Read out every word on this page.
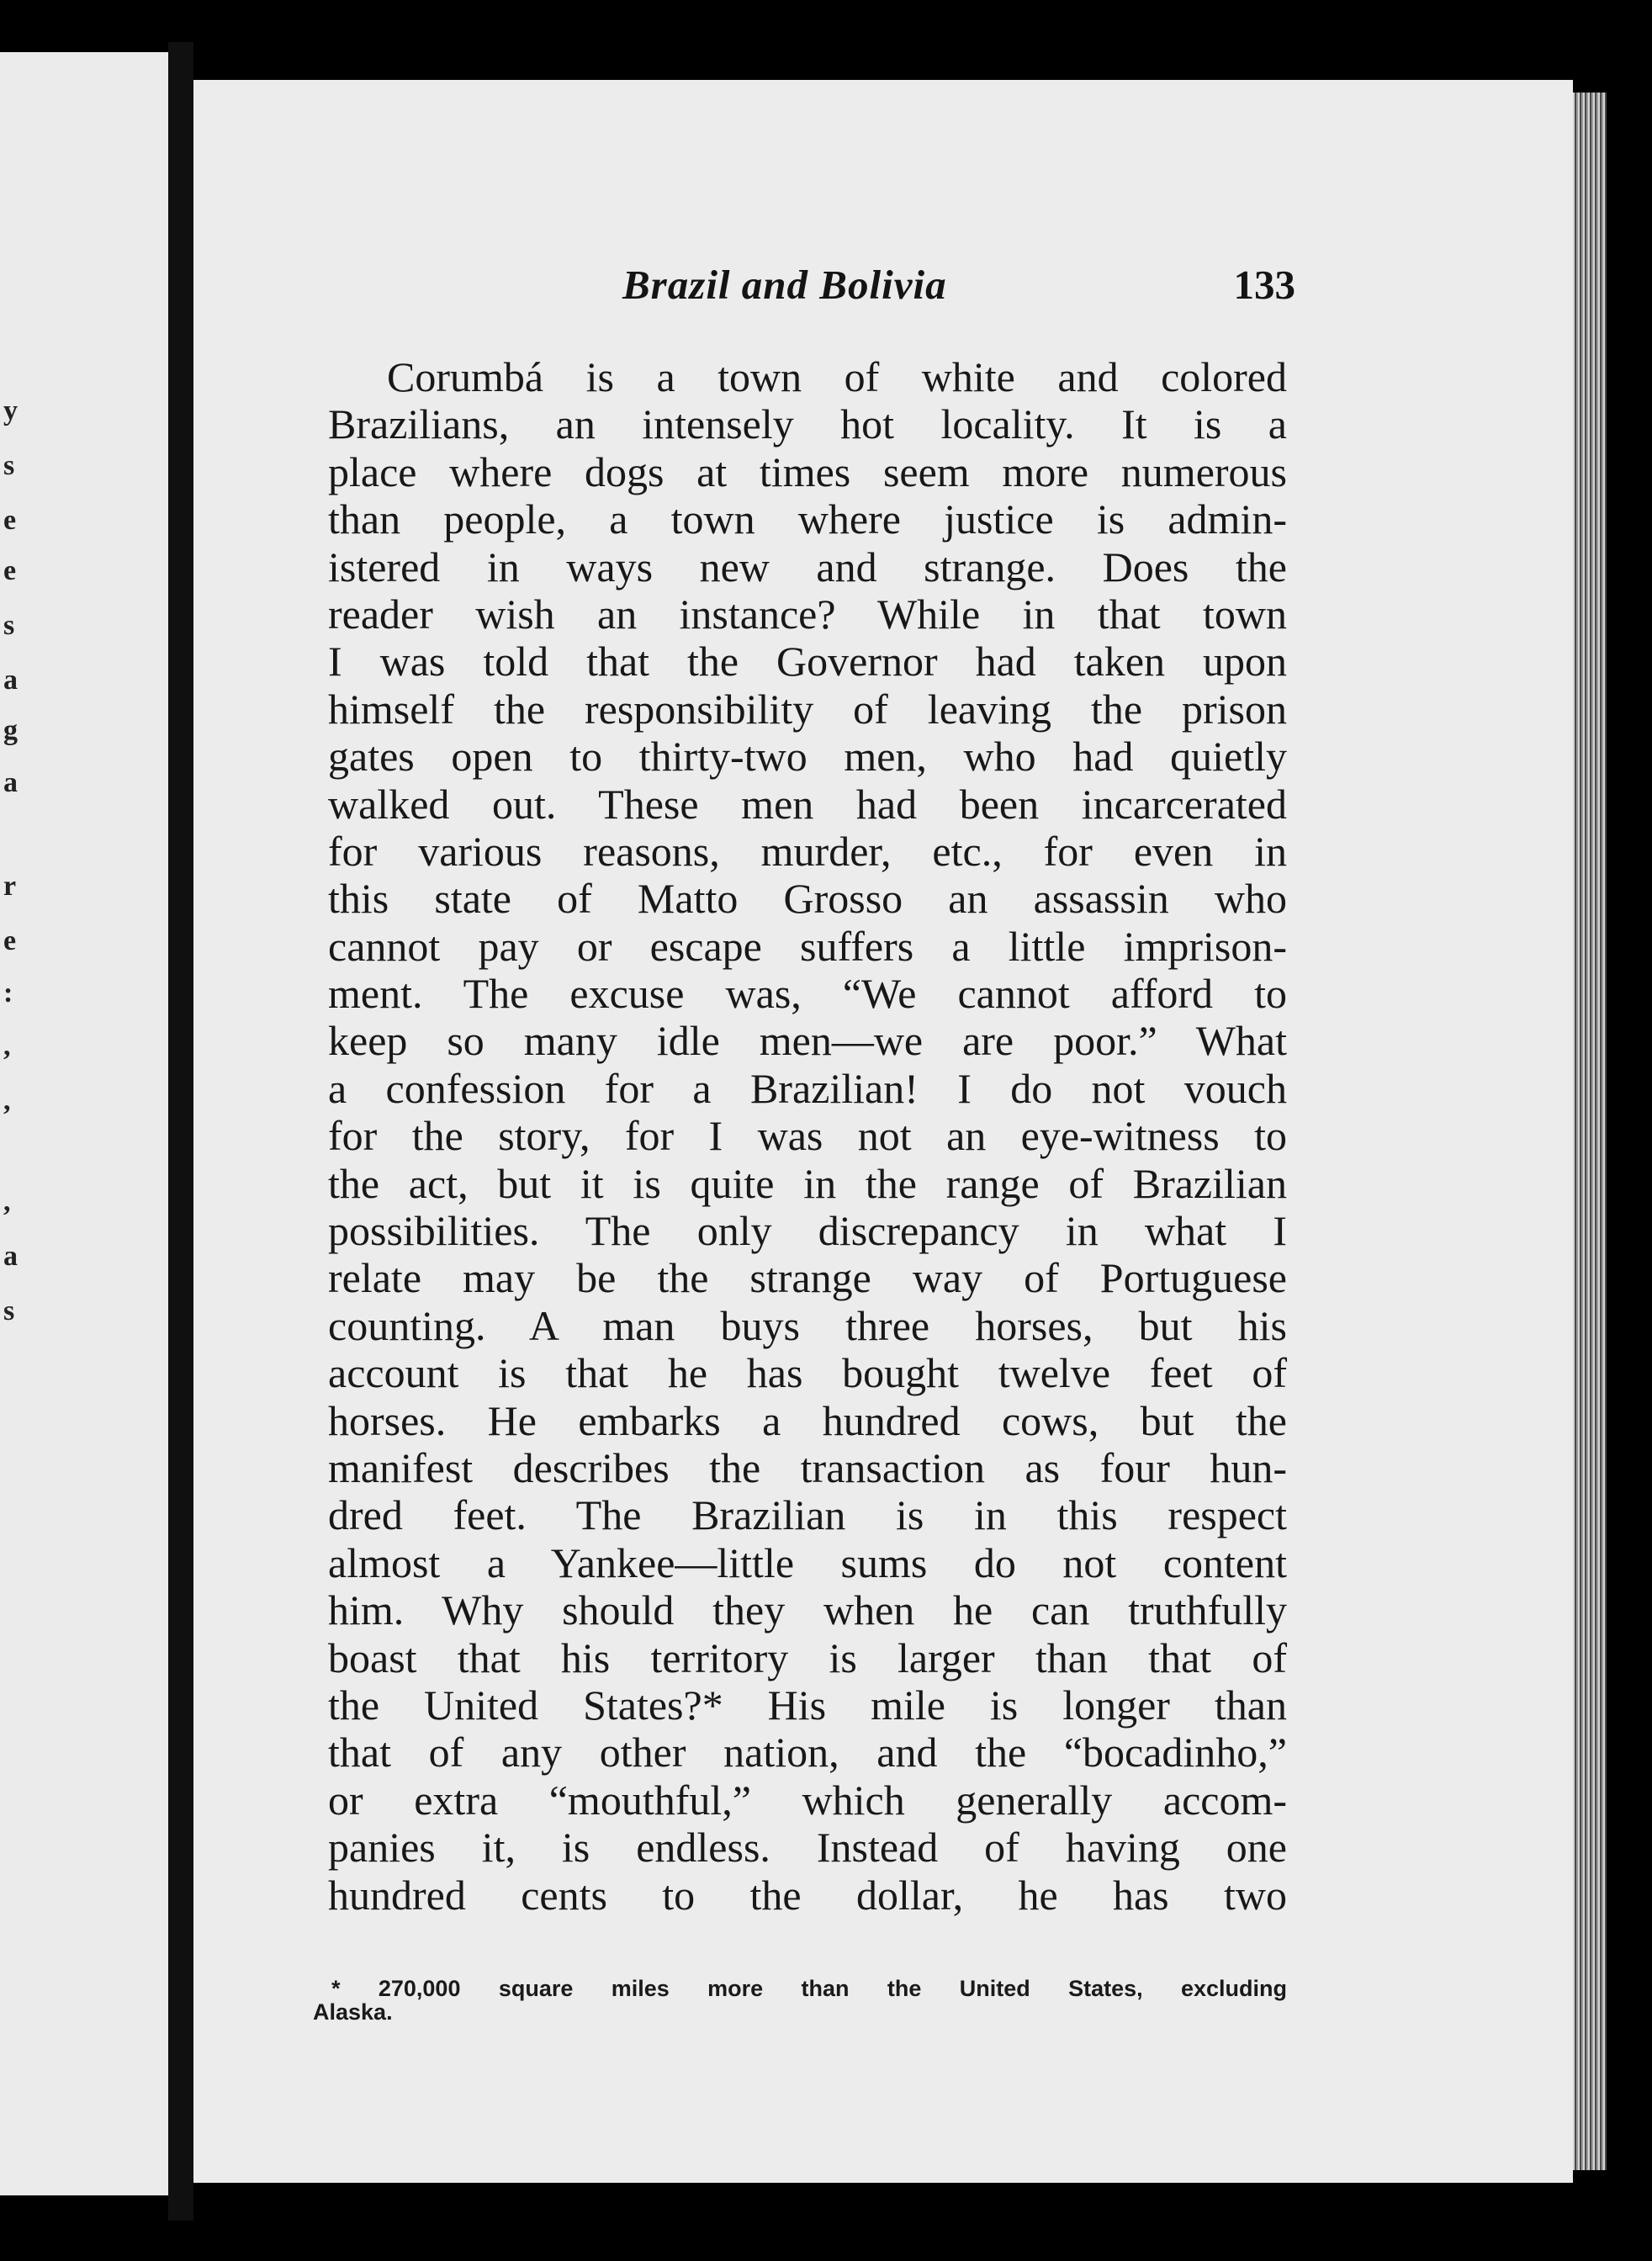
y
s
e
e
s
a
g
a
r
e
:
,
,
,
a
s
Brazil and Bolivia	133
Corumbá is a town of white and colored
Brazilians, an intensely hot locality. It is a
place where dogs at times seem more numerous
than people, a town where justice is admin-
istered in ways new and strange. Does the
reader wish an instance? While in that town
I was told that the Governor had taken upon
himself the responsibility of leaving the prison
gates open to thirty-two men, who had quietly
walked out. These men had been incarcerated
for various reasons, murder, etc., for even in
this state of Matto Grosso an assassin who
cannot pay or escape suffers a little imprison-
ment. The excuse was, “We cannot afford to
keep so many idle men—we are poor.” What
a confession for a Brazilian! I do not vouch
for the story, for I was not an eye-witness to
the act, but it is quite in the range of Brazilian
possibilities. The only discrepancy in what I
relate may be the strange way of Portuguese
counting. A man buys three horses, but his
account is that he has bought twelve feet of
horses. He embarks a hundred cows, but the
manifest describes the transaction as four hun-
dred feet. The Brazilian is in this respect
almost a Yankee—little sums do not content
him. Why should they when he can truthfully
boast that his territory is larger than that of
the United States?* His mile is longer than
that of any other nation, and the “bocadinho,”
or extra “mouthful,” which generally accom-
panies it, is endless. Instead of having one
hundred cents to the dollar, he has two
* 270,000 square miles more than the United States, excluding
Alaska.
